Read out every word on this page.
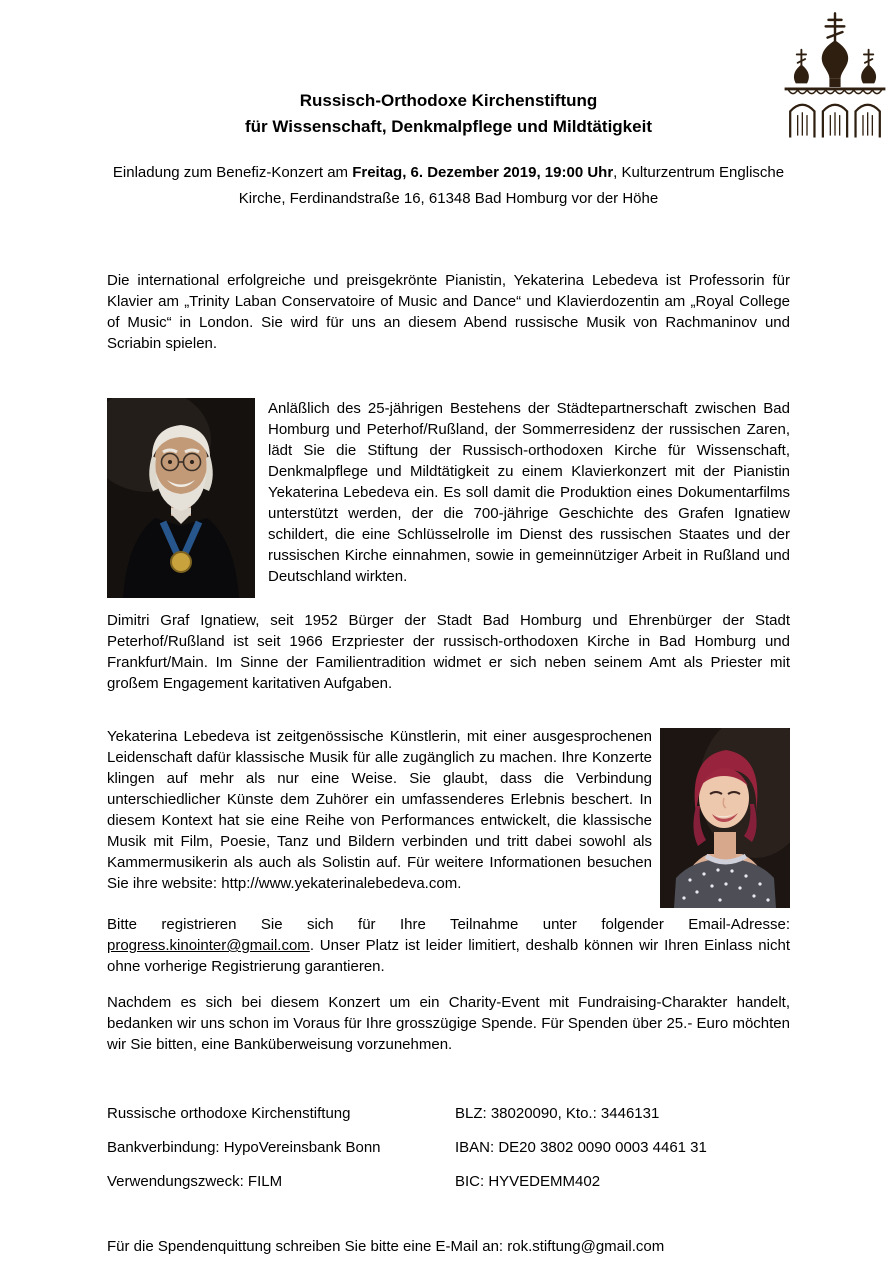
Russisch-Orthodoxe Kirchenstiftung
für Wissenschaft, Denkmalpflege und Mildtätigkeit

Einladung zum Benefiz-Konzert am Freitag, 6. Dezember 2019, 19:00 Uhr, Kulturzentrum Englische Kirche, Ferdinandstraße 16, 61348 Bad Homburg vor der Höhe

Die international erfolgreiche und preisgekrönte Pianistin, Yekaterina Lebedeva ist Professorin für Klavier am „Trinity Laban Conservatoire of Music and Dance“ und Klavierdozentin am „Royal College of Music“ in London. Sie wird für uns an diesem Abend russische Musik von Rachmaninov und Scriabin spielen.

Anläßlich des 25-jährigen Bestehens der Städtepartnerschaft zwischen Bad Homburg und Peterhof/Rußland, der Sommerresidenz der russischen Zaren, lädt Sie die Stiftung der Russisch-orthodoxen Kirche für Wissenschaft, Denkmalpflege und Mildtätigkeit zu einem Klavierkonzert mit der Pianistin Yekaterina Lebedeva ein. Es soll damit die Produktion eines Dokumentarfilms unterstützt werden, der die 700-jährige Geschichte des Grafen Ignatiew schildert, die eine Schlüsselrolle im Dienst des russischen Staates und der russischen Kirche einnahmen, sowie in gemeinnütziger Arbeit in Rußland und Deutschland wirkten.

Dimitri Graf Ignatiew, seit 1952 Bürger der Stadt Bad Homburg und Ehrenbürger der Stadt Peterhof/Rußland ist seit 1966 Erzpriester der russisch-orthodoxen Kirche in Bad Homburg und Frankfurt/Main. Im Sinne der Familientradition widmet er sich neben seinem Amt als Priester mit großem Engagement karitativen Aufgaben.

Yekaterina Lebedeva ist zeitgenössische Künstlerin, mit einer ausgesprochenen Leidenschaft dafür klassische Musik für alle zugänglich zu machen. Ihre Konzerte klingen auf mehr als nur eine Weise. Sie glaubt, dass die Verbindung unterschiedlicher Künste dem Zuhörer ein umfassenderes Erlebnis beschert. In diesem Kontext hat sie eine Reihe von Performances entwickelt, die klassische Musik mit Film, Poesie, Tanz und Bildern verbinden und tritt dabei sowohl als Kammermusikerin als auch als Solistin auf. Für weitere Informationen besuchen Sie ihre website: http://www.yekaterinalebedeva.com.

Bitte registrieren Sie sich für Ihre Teilnahme unter folgender Email-Adresse: progress.kinointer@gmail.com. Unser Platz ist leider limitiert, deshalb können wir Ihren Einlass nicht ohne vorherige Registrierung garantieren.

Nachdem es sich bei diesem Konzert um ein Charity-Event mit Fundraising-Charakter handelt, bedanken wir uns schon im Voraus für Ihre grosszügige Spende. Für Spenden über 25.- Euro möchten wir Sie bitten, eine Banküberweisung vorzunehmen.

Russische orthodoxe Kirchenstiftung	BLZ: 38020090, Kto.: 3446131
Bankverbindung: HypoVereinsbank Bonn	IBAN: DE20 3802 0090 0003 4461 31
Verwendungszweck: FILM	BIC: HYVEDEMM402

Für die Spendenquittung schreiben Sie bitte eine E-Mail an: rok.stiftung@gmail.com
